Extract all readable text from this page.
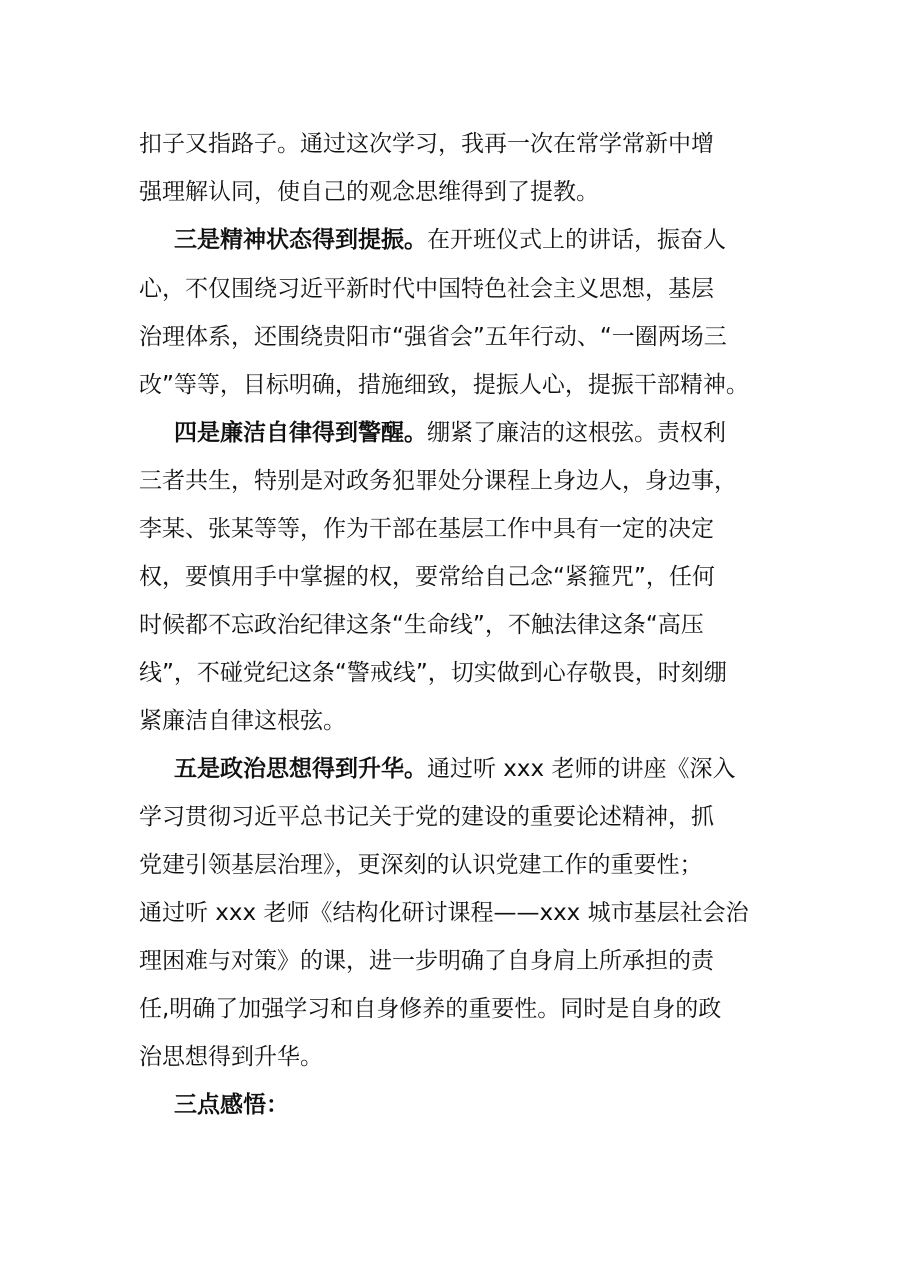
扣子又指路子。通过这次学习，我再一次在常学常新中增
强理解认同，使自己的观念思维得到了提教。
三是精神状态得到提振。在开班仪式上的讲话，振奋人
心，不仅围绕习近平新时代中国特色社会主义思想，基层
治理体系，还围绕贵阳市“强省会”五年行动、“一圈两场三
改”等等，目标明确，措施细致，提振人心，提振干部精神。
四是廉洁自律得到警醒。绷紧了廉洁的这根弦。责权利
三者共生，特别是对政务犯罪处分课程上身边人，身边事，
李某、张某等等，作为干部在基层工作中具有一定的决定
权，要慎用手中掌握的权，要常给自己念“紧箍咒”，任何
时候都不忘政治纪律这条“生命线”，不触法律这条“高压
线”，不碰党纪这条“警戒线”，切实做到心存敬畏，时刻绷
紧廉洁自律这根弦。
五是政治思想得到升华。通过听 xxx 老师的讲座《深入
学习贯彻习近平总书记关于党的建设的重要论述精神，抓
党建引领基层治理》，更深刻的认识党建工作的重要性；
通过听 xxx 老师《结构化研讨课程——xxx 城市基层社会治
理困难与对策》的课，进一步明确了自身肩上所承担的责
任,明确了加强学习和自身修养的重要性。同时是自身的政
治思想得到升华。
三点感悟：
